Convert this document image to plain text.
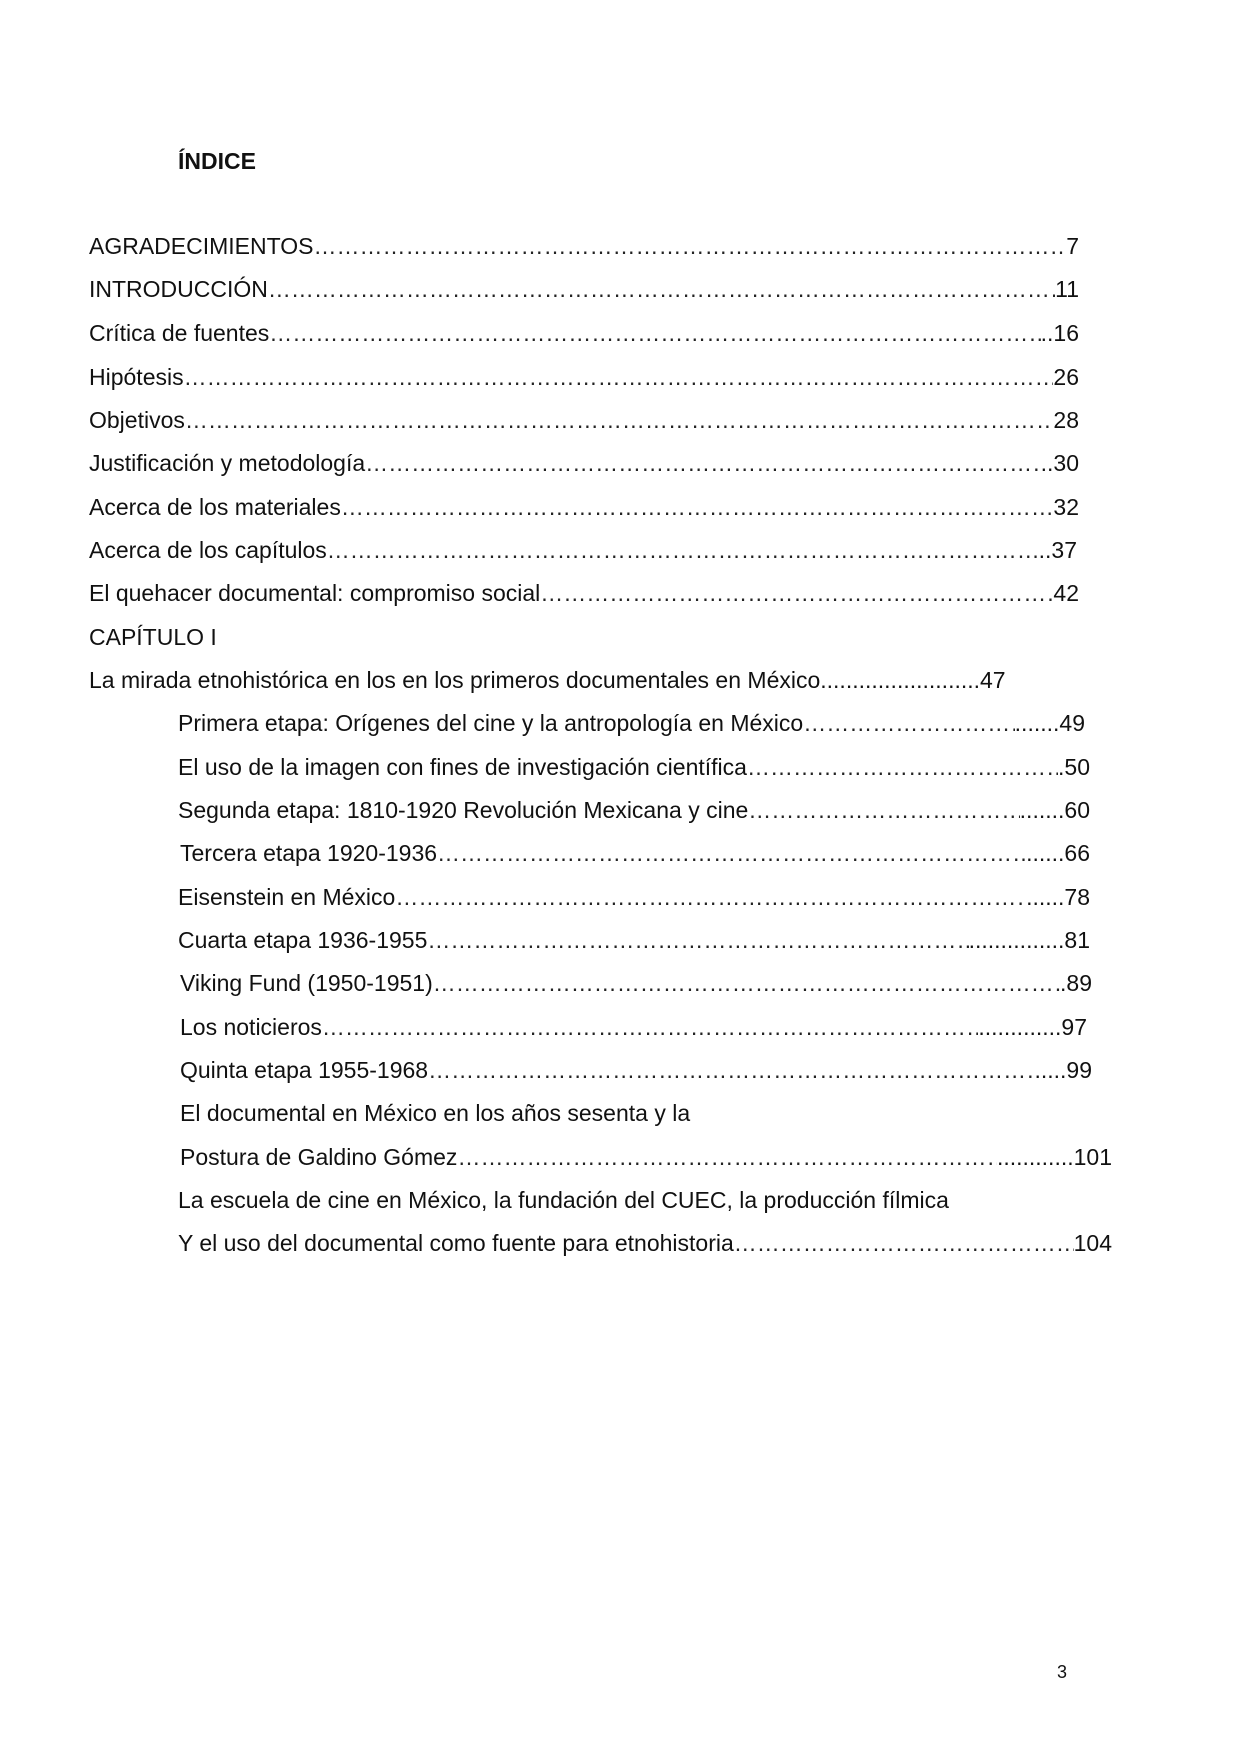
ÍNDICE
AGRADECIMIENTOS …………………………………………………………………………………………………………………………………………………………………………………………………………………………………………………………	7
INTRODUCCIÓN …………………………………………………………………………………………………………………………………………………………………………………………………………………………………………………………	11
Crítica de fuentes …………………………………………………………………………………………………………………………………………………………………………………………………………………………………………………………	..16
Hipótesis …………………………………………………………………………………………………………………………………………………………………………………………………………………………………………………………	26
Objetivos …………………………………………………………………………………………………………………………………………………………………………………………………………………………………………………………	28
Justificación y metodología …………………………………………………………………………………………………………………………………………………………………………………………………………………………………………………………	..30
Acerca de los materiales …………………………………………………………………………………………………………………………………………………………………………………………………………………………………………………………	32
Acerca de los capítulos …………………………………………………………………………………………………………………………………………………………………………………………………………………………………………………………	..37
El quehacer documental: compromiso social …………………………………………………………………………………………………………………………………………………………………………………………………………………………………………………………	42
CAPÍTULO I
La mirada etnohistórica en los en los primeros documentales en México .........................47
Primera etapa: Orígenes del cine y la antropología en México …………………………………………………………………………………………………………………………………………………………………………………………………………………………………………………………	.......49
El uso de la imagen con fines de investigación científica …………………………………………………………………………………………………………………………………………………………………………………………………………………………………………………………	.50
Segunda etapa: 1810-1920 Revolución Mexicana y cine …………………………………………………………………………………………………………………………………………………………………………………………………………………………………………………………	.......60
Tercera etapa 1920-1936 …………………………………………………………………………………………………………………………………………………………………………………………………………………………………………………………	......66
Eisenstein en México …………………………………………………………………………………………………………………………………………………………………………………………………………………………………………………………	......78
Cuarta etapa 1936-1955 …………………………………………………………………………………………………………………………………………………………………………………………………………………………………………………………	...............81
Viking Fund (1950-1951) …………………………………………………………………………………………………………………………………………………………………………………………………………………………………………………………	.89
Los noticieros …………………………………………………………………………………………………………………………………………………………………………………………………………………………………………………………	.............97
Quinta etapa 1955-1968 …………………………………………………………………………………………………………………………………………………………………………………………………………………………………………………………	.....99
El documental en México en los años sesenta y la
Postura de Galdino Gómez …………………………………………………………………………………………………………………………………………………………………………………………………………………………………………………………	............101
La escuela de cine en México, la fundación del CUEC, la producción fílmica
Y el uso del documental como fuente para etnohistoria …………………………………………………………………………………………………………………………………………………………………………………………………………………………………………………………	104
3
